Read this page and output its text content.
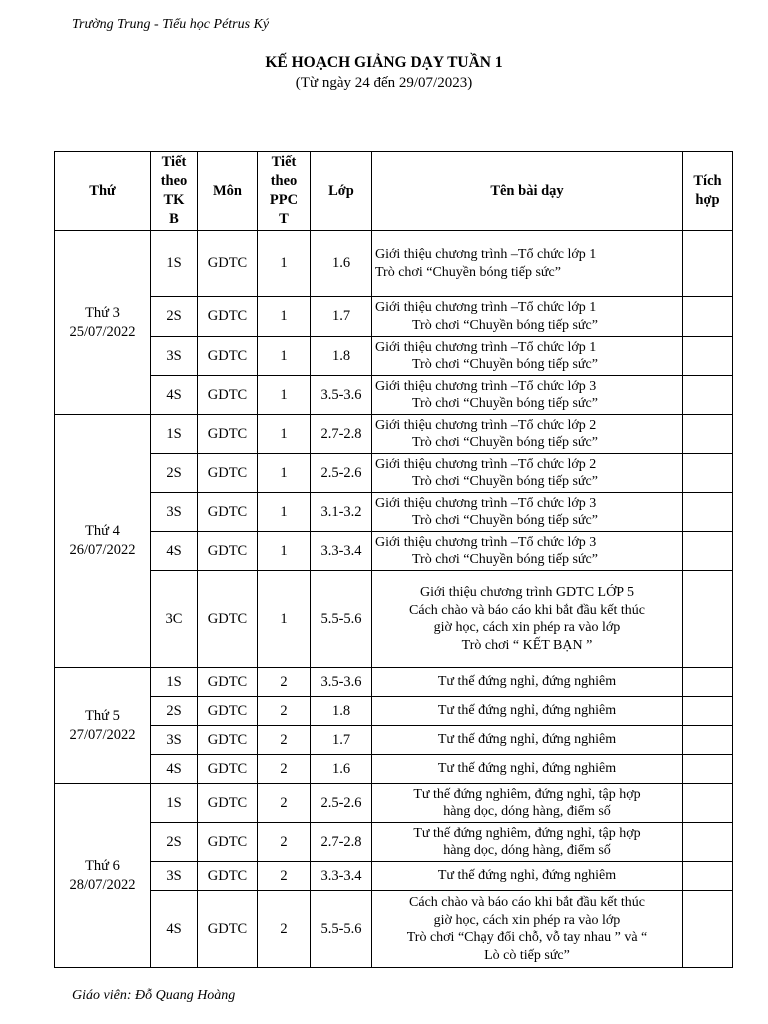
Trường Trung - Tiểu học Pétrus Ký
KẾ HOẠCH GIẢNG DẠY TUẦN 1
(Từ ngày 24 đến 29/07/2023)
Thứ	Tiết
theo
TK
B	Môn	Tiết
theo
PPC
T	Lớp	Tên bài dạy	Tích
hợp
Thứ 3
25/07/2022	1S	GDTC	1	1.6	Giới thiệu chương trình –Tổ chức lớp 1
Trò chơi “Chuyền bóng tiếp sức”	

	2S	GDTC	1	1.7	Giới thiệu chương trình –Tổ chức lớp 1
Trò chơi “Chuyền bóng tiếp sức”	

	3S	GDTC	1	1.8	Giới thiệu chương trình –Tổ chức lớp 1
Trò chơi “Chuyền bóng tiếp sức”	

	4S	GDTC	1	3.5-3.6	Giới thiệu chương trình –Tổ chức lớp 3
Trò chơi “Chuyền bóng tiếp sức”	

Thứ 4
26/07/2022	1S	GDTC	1	2.7-2.8	Giới thiệu chương trình –Tổ chức lớp 2
Trò chơi “Chuyền bóng tiếp sức”	

	2S	GDTC	1	2.5-2.6	Giới thiệu chương trình –Tổ chức lớp 2
Trò chơi “Chuyền bóng tiếp sức”	

	3S	GDTC	1	3.1-3.2	Giới thiệu chương trình –Tổ chức lớp 3
Trò chơi “Chuyền bóng tiếp sức”	

	4S	GDTC	1	3.3-3.4	Giới thiệu chương trình –Tổ chức lớp 3
Trò chơi “Chuyền bóng tiếp sức”	

	3C	GDTC	1	5.5-5.6	Giới thiệu chương trình GDTC LỚP 5
Cách chào và báo cáo khi bắt đầu kết thúc
giờ học, cách xin phép ra vào lớp
Trò chơi “ KẾT BẠN ”	

Thứ 5
27/07/2022	1S	GDTC	2	3.5-3.6	Tư thế đứng nghỉ, đứng nghiêm	

	2S	GDTC	2	1.8	Tư thế đứng nghỉ, đứng nghiêm	

	3S	GDTC	2	1.7	Tư thế đứng nghỉ, đứng nghiêm	

	4S	GDTC	2	1.6	Tư thế đứng nghỉ, đứng nghiêm	

Thứ 6
28/07/2022	1S	GDTC	2	2.5-2.6	Tư thế đứng nghiêm, đứng nghỉ, tập hợp
hàng dọc, dóng hàng, điểm số	

	2S	GDTC	2	2.7-2.8	Tư thế đứng nghiêm, đứng nghỉ, tập hợp
hàng dọc, dóng hàng, điểm số	

	3S	GDTC	2	3.3-3.4	Tư thế đứng nghỉ, đứng nghiêm	

	4S	GDTC	2	5.5-5.6	Cách chào và báo cáo khi bắt đầu kết thúc
giờ học, cách xin phép ra vào lớp
Trò chơi “Chạy đổi chỗ, vỗ tay nhau ” và “
Lò cò tiếp sức”	

Giáo viên: Đỗ Quang Hoàng
